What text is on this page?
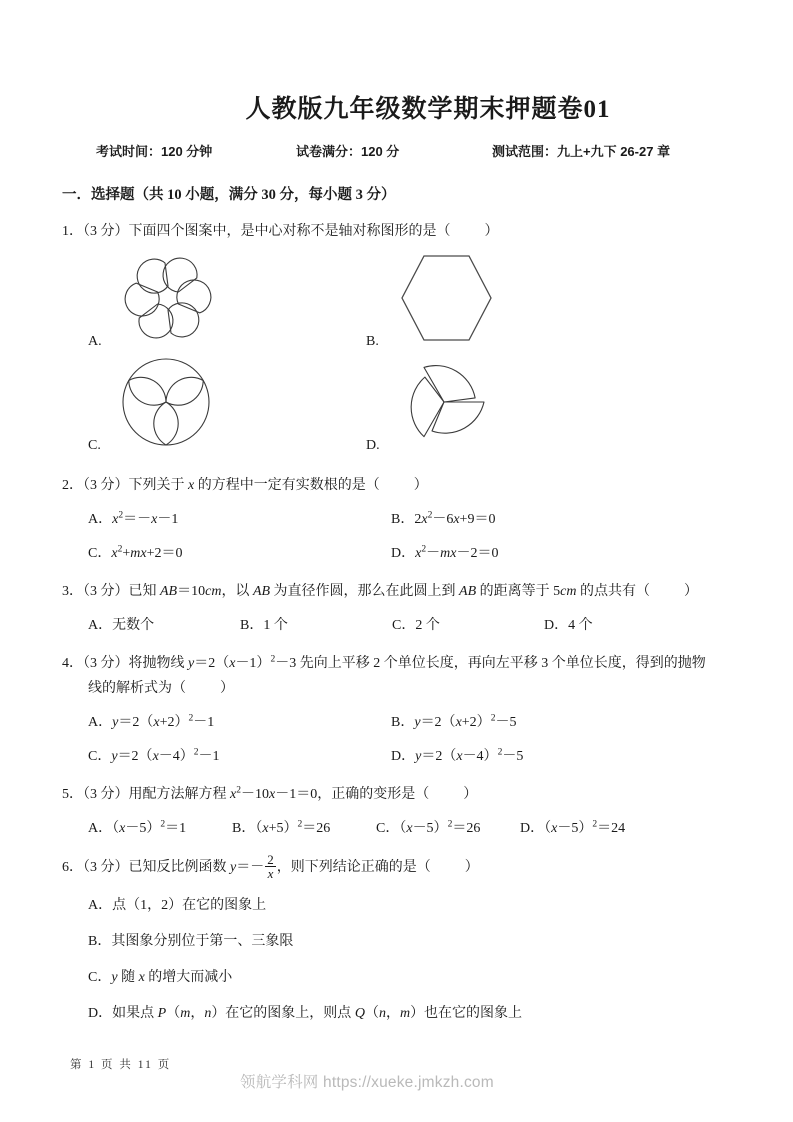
人教版九年级数学期末押题卷01
考试时间：120 分钟	试卷满分：120 分	测试范围：九上+九下 26-27 章
一．选择题（共 10 小题，满分 30 分，每小题 3 分）
1．（3 分）下面四个图案中，是中心对称不是轴对称图形的是（ ）
A.	B.
C.	D.
2．（3 分）下列关于 x 的方程中一定有实数根的是（ ）
A．$x^2=-x-1$	B．$2x^2-6x+9=0$
C．$x^2+mx+2=0$	D．$x^2-mx-2=0$
3．（3 分）已知 AB＝10cm，以 AB 为直径作圆，那么在此圆上到 AB 的距离等于 5cm 的点共有（ ）
A．无数个	B．1 个	C．2 个	D．4 个
4．（3 分）将抛物线 $y=2(x-1)^2-3$ 先向上平移 2 个单位长度，再向左平移 3 个单位长度，得到的抛物
线的解析式为（ ）
A．$y=2(x+2)^2-1$	B．$y=2(x+2)^2-5$
C．$y=2(x-4)^2-1$	D．$y=2(x-4)^2-5$
5．（3 分）用配方法解方程 $x^2-10x-1=0$，正确的变形是（ ）
A．$(x-5)^2=1$	B．$(x+5)^2=26$	C．$(x-5)^2=26$	D．$(x-5)^2=24$
6．（3 分）已知反比例函数 $y=- \frac{2}{x}$ ，则下列结论正确的是（ ）
A．点（1，2）在它的图象上
B．其图象分别位于第一、三象限
C．y 随 x 的增大而减小
D．如果点 P（m，n）在它的图象上，则点 Q（n，m）也在它的图象上
第 1 页 共 11 页
领航学科网 https://xueke.jmkzh.com
